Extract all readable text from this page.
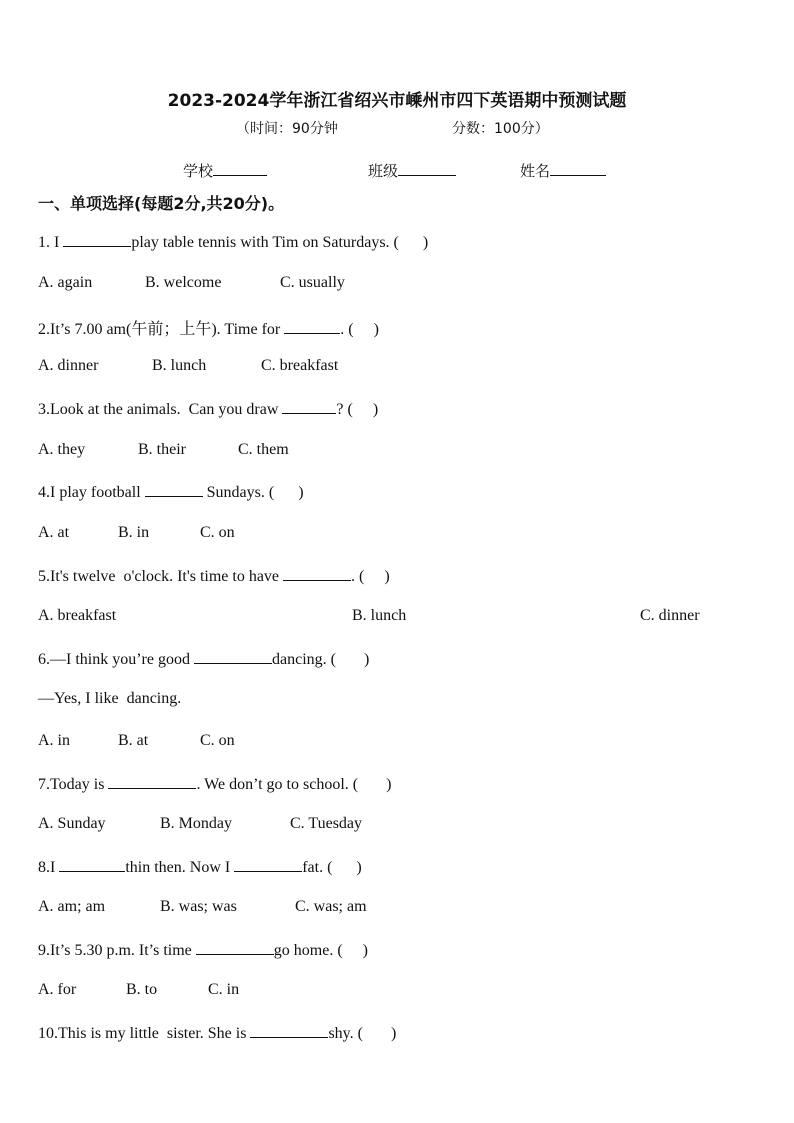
2023-2024学年浙江省绍兴市嵊州市四下英语期中预测试题
（时间：90分钟	分数：100分）
学校	班级	姓名
一、单项选择(每题2分,共20分)。
1. I	play table tennis with Tim on Saturdays. (      )
A. again	B. welcome	C. usually
2.It’s 7.00 am(午前；上午). Time for	. (     )
A. dinner	B. lunch	C. breakfast
3.Look at the animals.  Can you draw	? (     )
A. they	B. their	C. them
4.I play football	Sundays. (      )
A. at	B. in	C. on
5.It's twelve  o'clock. It's time to have	. (     )
A. breakfast	B. lunch	C. dinner
6.—I think you’re good	dancing. (       )
—Yes, I like  dancing.
A. in	B. at	C. on
7.Today is	. We don’t go to school. (       )
A. Sunday	B. Monday	C. Tuesday
8.I	thin then. Now I	fat. (      )
A. am; am	B. was; was	C. was; am
9.It’s 5.30 p.m. It’s time	go home. (     )
A. for	B. to	C. in
10.This is my little  sister. She is	shy. (       )
